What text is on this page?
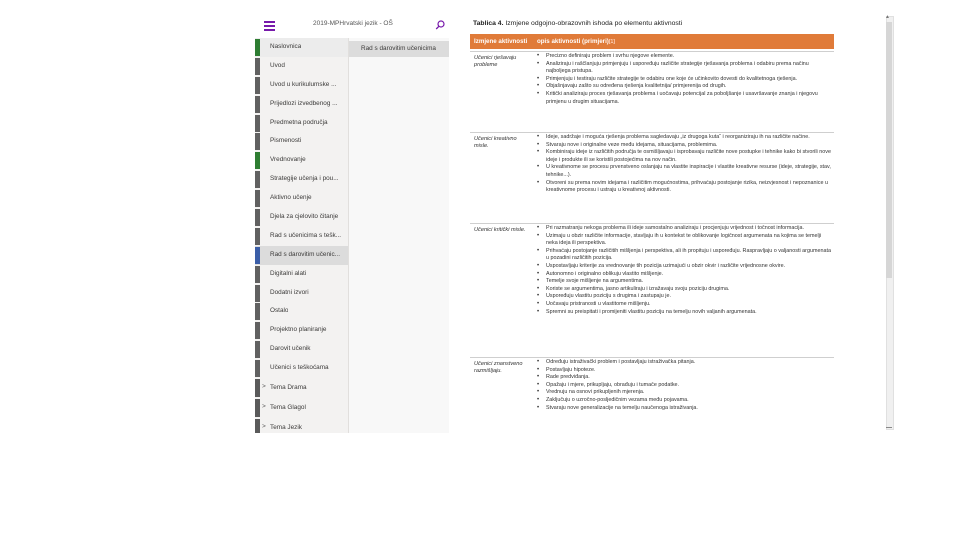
2019-MPHrvatski jezik - OŠ
Naslovnica
Uvod
Uvod u kurikulumske ...
Prijedlozi izvedbenog ...
Predmetna područja
Pismenosti
Vrednovanje
Strategije učenja i pou...
Aktivno učenje
Djela za cjelovito čitanje
Rad s učenicima s tešk...
Rad s darovitim učenic...
Digitalni alati
Dodatni izvori
Ostalo
Projektno planiranje
Darovit učenik
Učenici s teškoćama
> Tema Drama
> Tema Glagol
> Tema Jezik
Rad s darovitim učenicima
Tablica 4. Izmjene odgojno-obrazovnih ishoda po elementu aktivnosti
Izmjene aktivnosti opis aktivnosti (primjeri)[1]
Učenici rješavaju probleme
• Precizno definiraju problem i svrhu njegove elemente.
• Analiziraju i raščlanjuju primjenjuju i uspoređuju različite strategije rješavanja problema i odabiru prema načinu najboljega pristupa.
• Primjenjuju i testiraju različite strategije te odabiru one koje će učinkovito dovesti do kvalitetnoga rješenja.
• Objašnjavaju zašto su određena rješenja kvalitetnija/ primjerenija od drugih.
• Kritički analiziraju proces rješavanja problema i uočavaju potencijal za poboljšanje i usavršavanje znanja i njegovu primjenu u drugim situacijama.
Učenici kreativno misle.
• Ideje, sadržaje i moguća rješenja problema sagledavaju „iz drugoga kuta“ i reorganiziraju ih na različite načine.
• Stvaraju nove i originalne veze među idejama, situacijama, problemima.
• Kombiniraju ideje iz različitih područja te osmišljavaju i isprobavaju različite nove postupke i tehnike kako bi stvorili nove ideje i produkte ili se koristili postojećima na nov način.
• U kreativnome se procesu prvenstveno oslanjaju na vlastite inspiracije i vlastite kreativne resurse (ideje, strategije, stav, tehnike...).
• Otvoreni su prema novim idejama i različitim mogućnostima, prihvaćaju postojanje rizika, neizvjesnost i nepoznanice u kreativnome procesu i ustraju u kreativnoj aktivnosti.
Učenici kritički misle.
•	Pri razmatranju nekoga problema ili ideje samostalno analiziraju i procjenjuju vrijednost i točnost informacija.
• Uzimaju u obzir različite informacije, stavljaju ih u kontekst te oblikovanje logičnost argumenata na kojima se temelji neka ideja ili perspektiva.
• Prihvaćaju postojanje različitih mišljenja i perspektiva, ali ih propituju i uspoređuju. Raspravljaju o valjanosti argumenata u pozadini različitih pozicija.
• Uspostavljaju kriterije za vrednovanje tih pozicija uzimajući u obzir okvir i različite vrijednosne okvire.
• Autonomno i originalno oblikuju vlastito mišljenje.
• Temelje svoje mišljenje na argumentima.
• Koriste se argumentima, jasno artikuliraju i izražavaju svoju poziciju drugima.
• Uspoređuju vlastitu poziciju s drugima i zastupaju je.
• Uočavaju pristranosti u vlastitome mišljenju.
• Spremni su preispitati i promijeniti vlastitu poziciju na temelju novih valjanih argumenata.
Učenici znanstveno razmišljaju.
• Određuju istraživački problem i postavljaju istraživačka pitanja.
• Postavljaju hipoteze.
• Rade predviđanja.
• Opažaju i mjere, prikupljaju, obrađuju i tumače podatke.
• Vrednuju na osnovi prikupljenih mjerenja.
• Zaključuju o uzročno-posljedičnim vezama među pojavama.
• Stvaraju nove generalizacije na temelju naučenoga istraživanja.
▲
